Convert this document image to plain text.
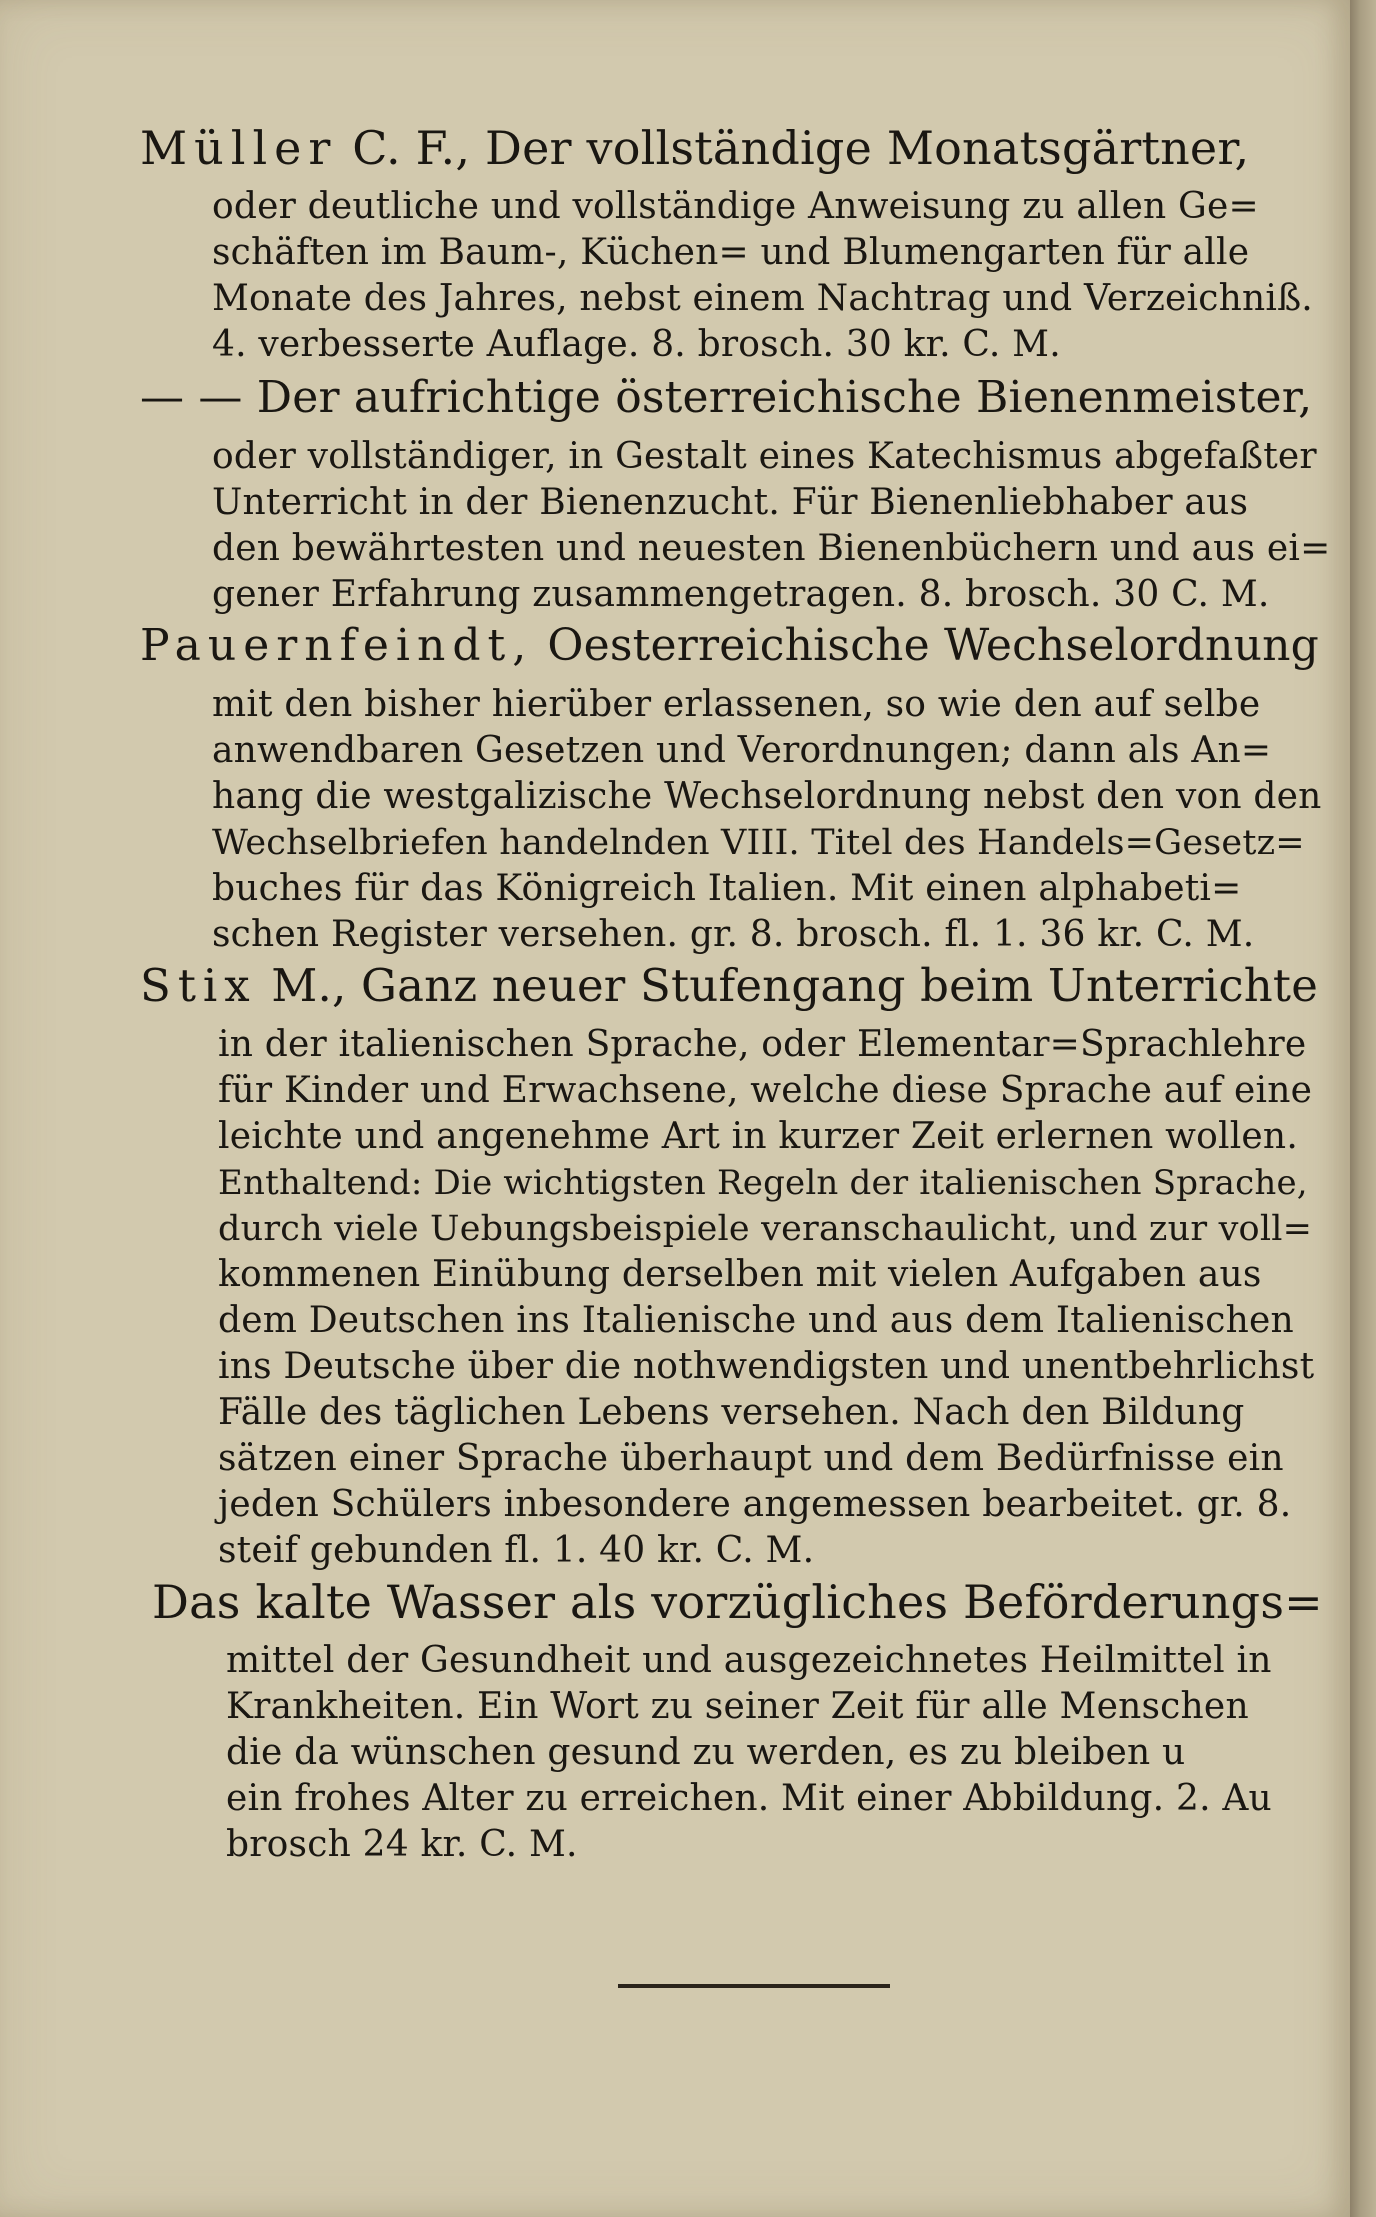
Müller C. F., Der vollständige Monatsgärtner,
oder deutliche und vollständige Anweisung zu allen Ge=
schäften im Baum-, Küchen= und Blumengarten für alle
Monate des Jahres, nebst einem Nachtrag und Verzeichniß.
4. verbesserte Auflage. 8. brosch. 30 kr. C. M.
— — Der aufrichtige österreichische Bienenmeister,
oder vollständiger, in Gestalt eines Katechismus abgefaßter
Unterricht in der Bienenzucht. Für Bienenliebhaber aus
den bewährtesten und neuesten Bienenbüchern und aus ei=
gener Erfahrung zusammengetragen. 8. brosch. 30 C. M.
Pauernfeindt, Oesterreichische Wechselordnung
mit den bisher hierüber erlassenen, so wie den auf selbe
anwendbaren Gesetzen und Verordnungen; dann als An=
hang die westgalizische Wechselordnung nebst den von den
Wechselbriefen handelnden VIII. Titel des Handels=Gesetz=
buches für das Königreich Italien. Mit einen alphabeti=
schen Register versehen. gr. 8. brosch. fl. 1. 36 kr. C. M.
Stix M., Ganz neuer Stufengang beim Unterrichte
in der italienischen Sprache, oder Elementar=Sprachlehre
für Kinder und Erwachsene, welche diese Sprache auf eine
leichte und angenehme Art in kurzer Zeit erlernen wollen.
Enthaltend: Die wichtigsten Regeln der italienischen Sprache,
durch viele Uebungsbeispiele veranschaulicht, und zur voll=
kommenen Einübung derselben mit vielen Aufgaben aus
dem Deutschen ins Italienische und aus dem Italienischen
ins Deutsche über die nothwendigsten und unentbehrlichst
Fälle des täglichen Lebens versehen. Nach den Bildung
sätzen einer Sprache überhaupt und dem Bedürfnisse ein
jeden Schülers inbesondere angemessen bearbeitet. gr. 8.
steif gebunden fl. 1. 40 kr. C. M.
Das kalte Wasser als vorzügliches Beförderungs=
mittel der Gesundheit und ausgezeichnetes Heilmittel in
Krankheiten. Ein Wort zu seiner Zeit für alle Menschen
die da wünschen gesund zu werden, es zu bleiben u
ein frohes Alter zu erreichen. Mit einer Abbildung. 2. Au
brosch 24 kr. C. M.
